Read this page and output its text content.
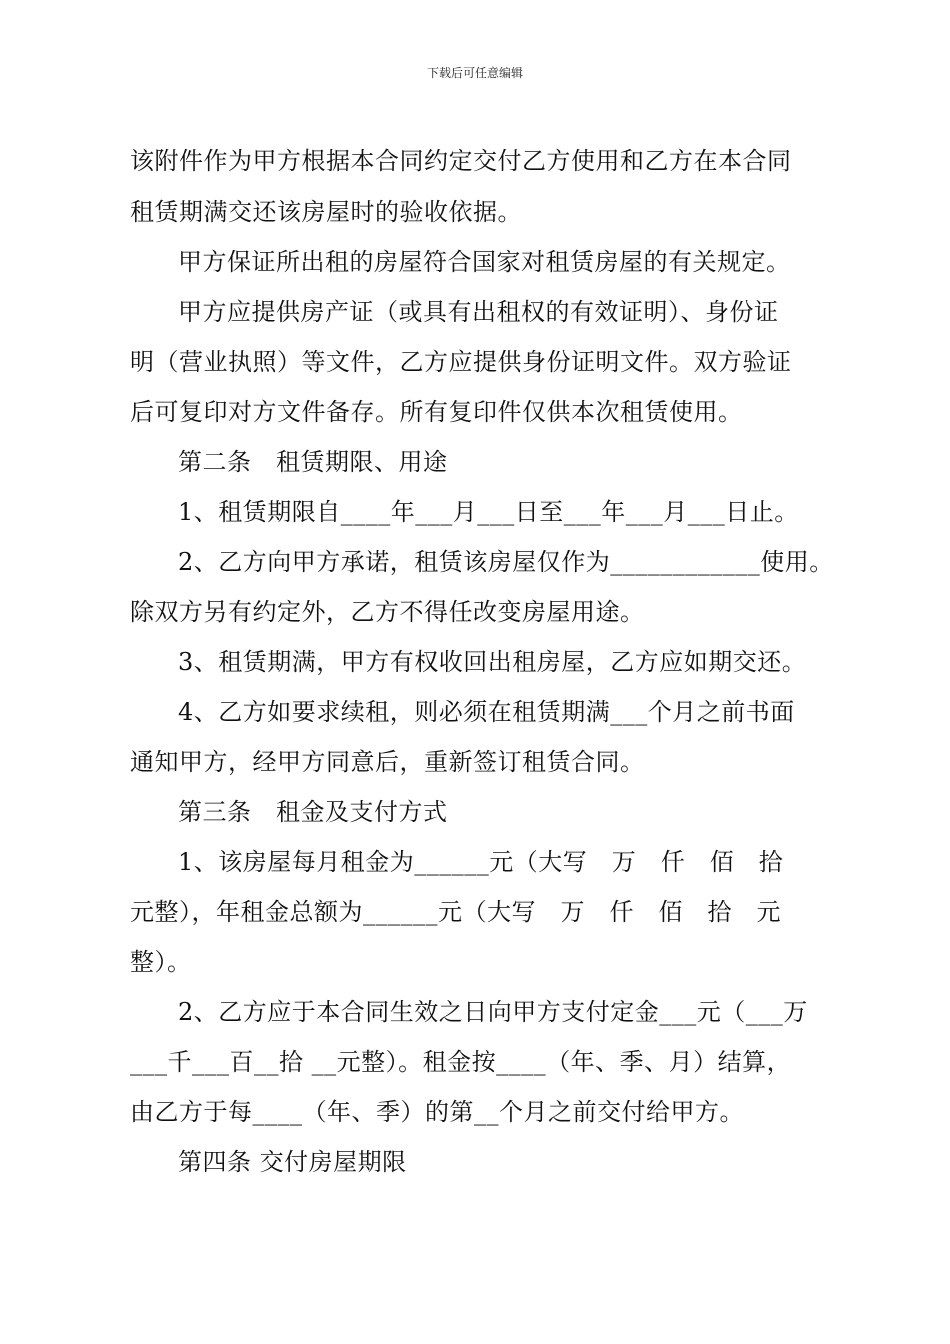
下载后可任意编辑
该附件作为甲方根据本合同约定交付乙方使用和乙方在本合同
租赁期满交还该房屋时的验收依据。
甲方保证所出租的房屋符合国家对租赁房屋的有关规定。
甲方应提供房产证（或具有出租权的有效证明）、身份证
明（营业执照）等文件，乙方应提供身份证明文件。双方验证
后可复印对方文件备存。所有复印件仅供本次租赁使用。
第二条　租赁期限、用途
1、租赁期限自____年___月___日至___年___月___日止。
2、乙方向甲方承诺，租赁该房屋仅作为____________使用。
除双方另有约定外，乙方不得任改变房屋用途。
3、租赁期满，甲方有权收回出租房屋，乙方应如期交还。
4、乙方如要求续租，则必须在租赁期满___个月之前书面
通知甲方，经甲方同意后，重新签订租赁合同。
第三条　租金及支付方式
1、该房屋每月租金为______元（大写　万　仟　佰　拾
元整），年租金总额为______元（大写　万　仟　佰　拾　元
整）。
2、乙方应于本合同生效之日向甲方支付定金___元（___万
___千___百__拾 __元整）。租金按____（年、季、月）结算，
由乙方于每____（年、季）的第__个月之前交付给甲方。
第四条 交付房屋期限
